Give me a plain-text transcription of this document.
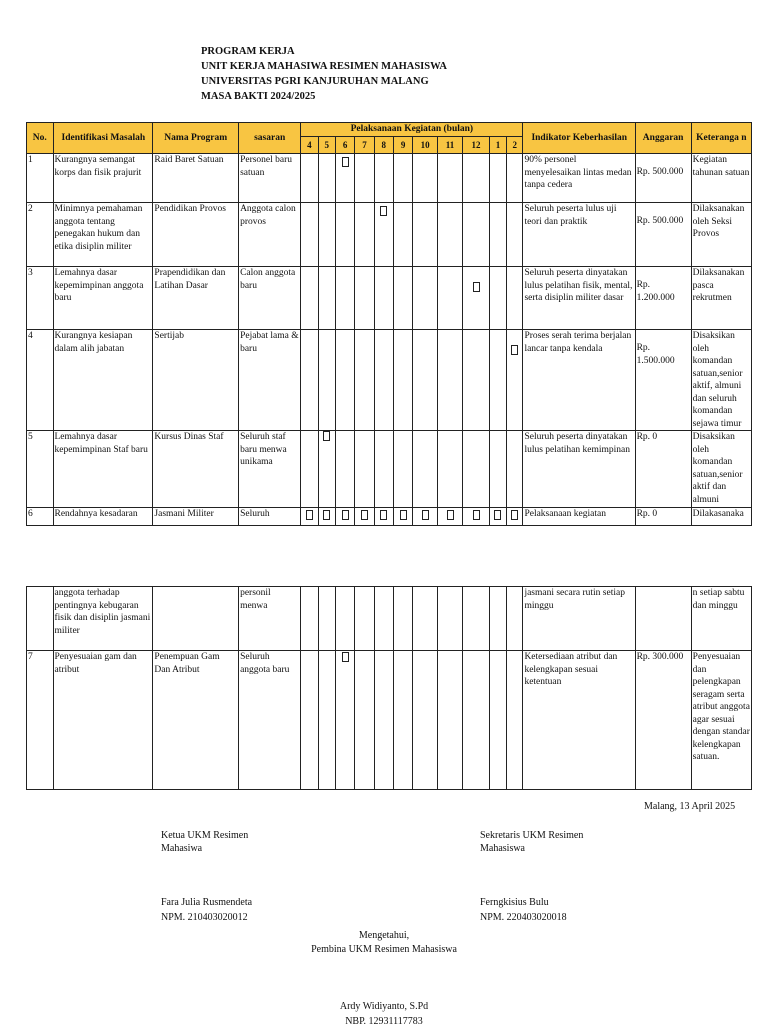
PROGRAM KERJA
UNIT KERJA MAHASIWA RESIMEN MAHASISWA
UNIVERSITAS PGRI KANJURUHAN MALANG
MASA BAKTI 2024/2025
No.	Identifikasi Masalah	Nama Program	sasaran	Pelaksanaan Kegiatan (bulan)											Indikator Keberhasilan	Anggaran	Keteranga n
				4	5	6	7	8	9	10	11	12	1	2			
1	Kurangnya semangat korps dan fisik prajurit	Raid Baret Satuan	Personel baru satuan												90% personel menyelesaikan lintas medan tanpa cedera	Rp. 500.000	Kegiatan tahunan satuan
2	Minimnya pemahaman anggota tentang penegakan hukum dan etika disiplin militer	Pendidikan Provos	Anggota calon provos												Seluruh peserta lulus uji teori dan praktik	Rp. 500.000	Dilaksanakan oleh Seksi Provos
3	Lemahnya dasar kepemimpinan anggota baru	Prapendidikan dan Latihan Dasar	Calon anggota baru												Seluruh peserta dinyatakan lulus pelatihan fisik, mental, serta disiplin militer dasar	Rp. 1.200.000	Dilaksanakan pasca rekrutmen
4	Kurangnya kesiapan dalam alih jabatan	Sertijab	Pejabat lama & baru												Proses serah terima berjalan lancar tanpa kendala	Rp. 1.500.000	Disaksikan oleh komandan satuan,senior aktif, almuni dan seluruh komandan sejawa timur
5	Lemahnya dasar kepemimpinan Staf baru	Kursus Dinas Staf	Seluruh staf baru menwa unikama												Seluruh peserta dinyatakan lulus pelatihan kemimpinan	Rp. 0	Disaksikan oleh komandan satuan,senior aktif dan almuni
6	Rendahnya kesadaran	Jasmani Militer	Seluruh												Pelaksanaan kegiatan	Rp. 0	Dilakasanaka
	anggota terhadap pentingnya kebugaran fisik dan disiplin jasmani militer		personil menwa												jasmani secara rutin setiap minggu		n setiap sabtu dan minggu
7	Penyesuaian gam dan atribut	Penempuan Gam Dan Atribut	Seluruh anggota baru												Ketersediaan atribut dan kelengkapan sesuai ketentuan	Rp. 300.000	Penyesuaian dan pelengkapan seragam serta atribut anggota agar sesuai dengan standar kelengkapan satuan.
Malang, 13 April 2025
Ketua UKM Resimen Mahasiwa
Sekretaris UKM Resimen Mahasiswa
Fara Julia Rusmendeta
NPM. 210403020012
Ferngkisius Bulu
NPM. 220403020018
Mengetahui,
Pembina UKM Resimen Mahasiswa
Ardy Widiyanto, S.Pd
NBP. 12931117783
